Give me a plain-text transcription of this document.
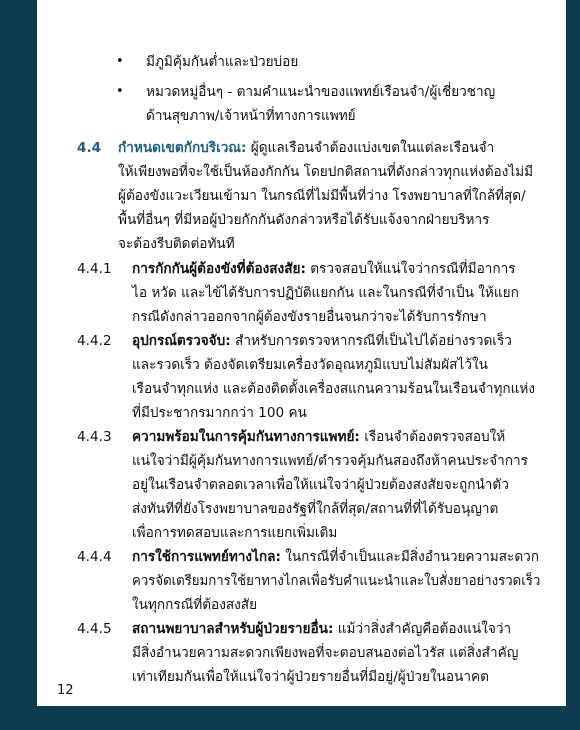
• มีภูมิคุ้มกันต่ำและป่วยบ่อย
• หมวดหมู่อื่นๆ - ตามคำแนะนำของแพทย์เรือนจำ/ผู้เชี่ยวชาญ
ด้านสุขภาพ/เจ้าหน้าที่ทางการแพทย์
4.4 กำหนดเขตกักบริเวณ: ผู้ดูแลเรือนจำต้องแบ่งเขตในแต่ละเรือนจำ
ให้เพียงพอที่จะใช้เป็นห้องกักกัน โดยปกติสถานที่ดังกล่าวทุกแห่งต้องไม่มี
ผู้ต้องขังแวะเวียนเข้ามา ในกรณีที่ไม่มีพื้นที่ว่าง โรงพยาบาลที่ใกล้ที่สุด/
พื้นที่อื่นๆ ที่มีหอผู้ป่วยกักกันดังกล่าวหรือได้รับแจ้งจากฝ่ายบริหาร
จะต้องรีบติดต่อทันที
4.4.1 การกักกันผู้ต้องขังที่ต้องสงสัย: ตรวจสอบให้แน่ใจว่ากรณีที่มีอาการ
ไอ หวัด และไข้ได้รับการปฏิบัติแยกกัน และในกรณีที่จำเป็น ให้แยก
กรณีดังกล่าวออกจากผู้ต้องขังรายอื่นจนกว่าจะได้รับการรักษา
4.4.2 อุปกรณ์ตรวจจับ: สำหรับการตรวจหากรณีที่เป็นไปได้อย่างรวดเร็ว
และรวดเร็ว ต้องจัดเตรียมเครื่องวัดอุณหภูมิแบบไม่สัมผัสไว้ใน
เรือนจำทุกแห่ง และต้องติดตั้งเครื่องสแกนความร้อนในเรือนจำทุกแห่ง
ที่มีประชากรมากกว่า 100 คน
4.4.3 ความพร้อมในการคุ้มกันทางการแพทย์: เรือนจำต้องตรวจสอบให้
แน่ใจว่ามีผู้คุ้มกันทางการแพทย์/ตำรวจคุ้มกันสองถึงห้าคนประจำการ
อยู่ในเรือนจำตลอดเวลาเพื่อให้แน่ใจว่าผู้ป่วยต้องสงสัยจะถูกนำตัว
ส่งทันทีที่ยังโรงพยาบาลของรัฐที่ใกล้ที่สุด/สถานที่ที่ได้รับอนุญาต
เพื่อการทดสอบและการแยกเพิ่มเติม
4.4.4 การใช้การแพทย์ทางไกล: ในกรณีที่จำเป็นและมีสิ่งอำนวยความสะดวก
ควรจัดเตรียมการใช้ยาทางไกลเพื่อรับคำแนะนำและใบสั่งยาอย่างรวดเร็ว
ในทุกกรณีที่ต้องสงสัย
4.4.5 สถานพยาบาลสำหรับผู้ป่วยรายอื่น: แม้ว่าสิ่งสำคัญคือต้องแน่ใจว่า
มีสิ่งอำนวยความสะดวกเพียงพอที่จะตอบสนองต่อไวรัส แต่สิ่งสำคัญ
เท่าเทียมกันเพื่อให้แน่ใจว่าผู้ป่วยรายอื่นที่มีอยู่/ผู้ป่วยในอนาคต
12
